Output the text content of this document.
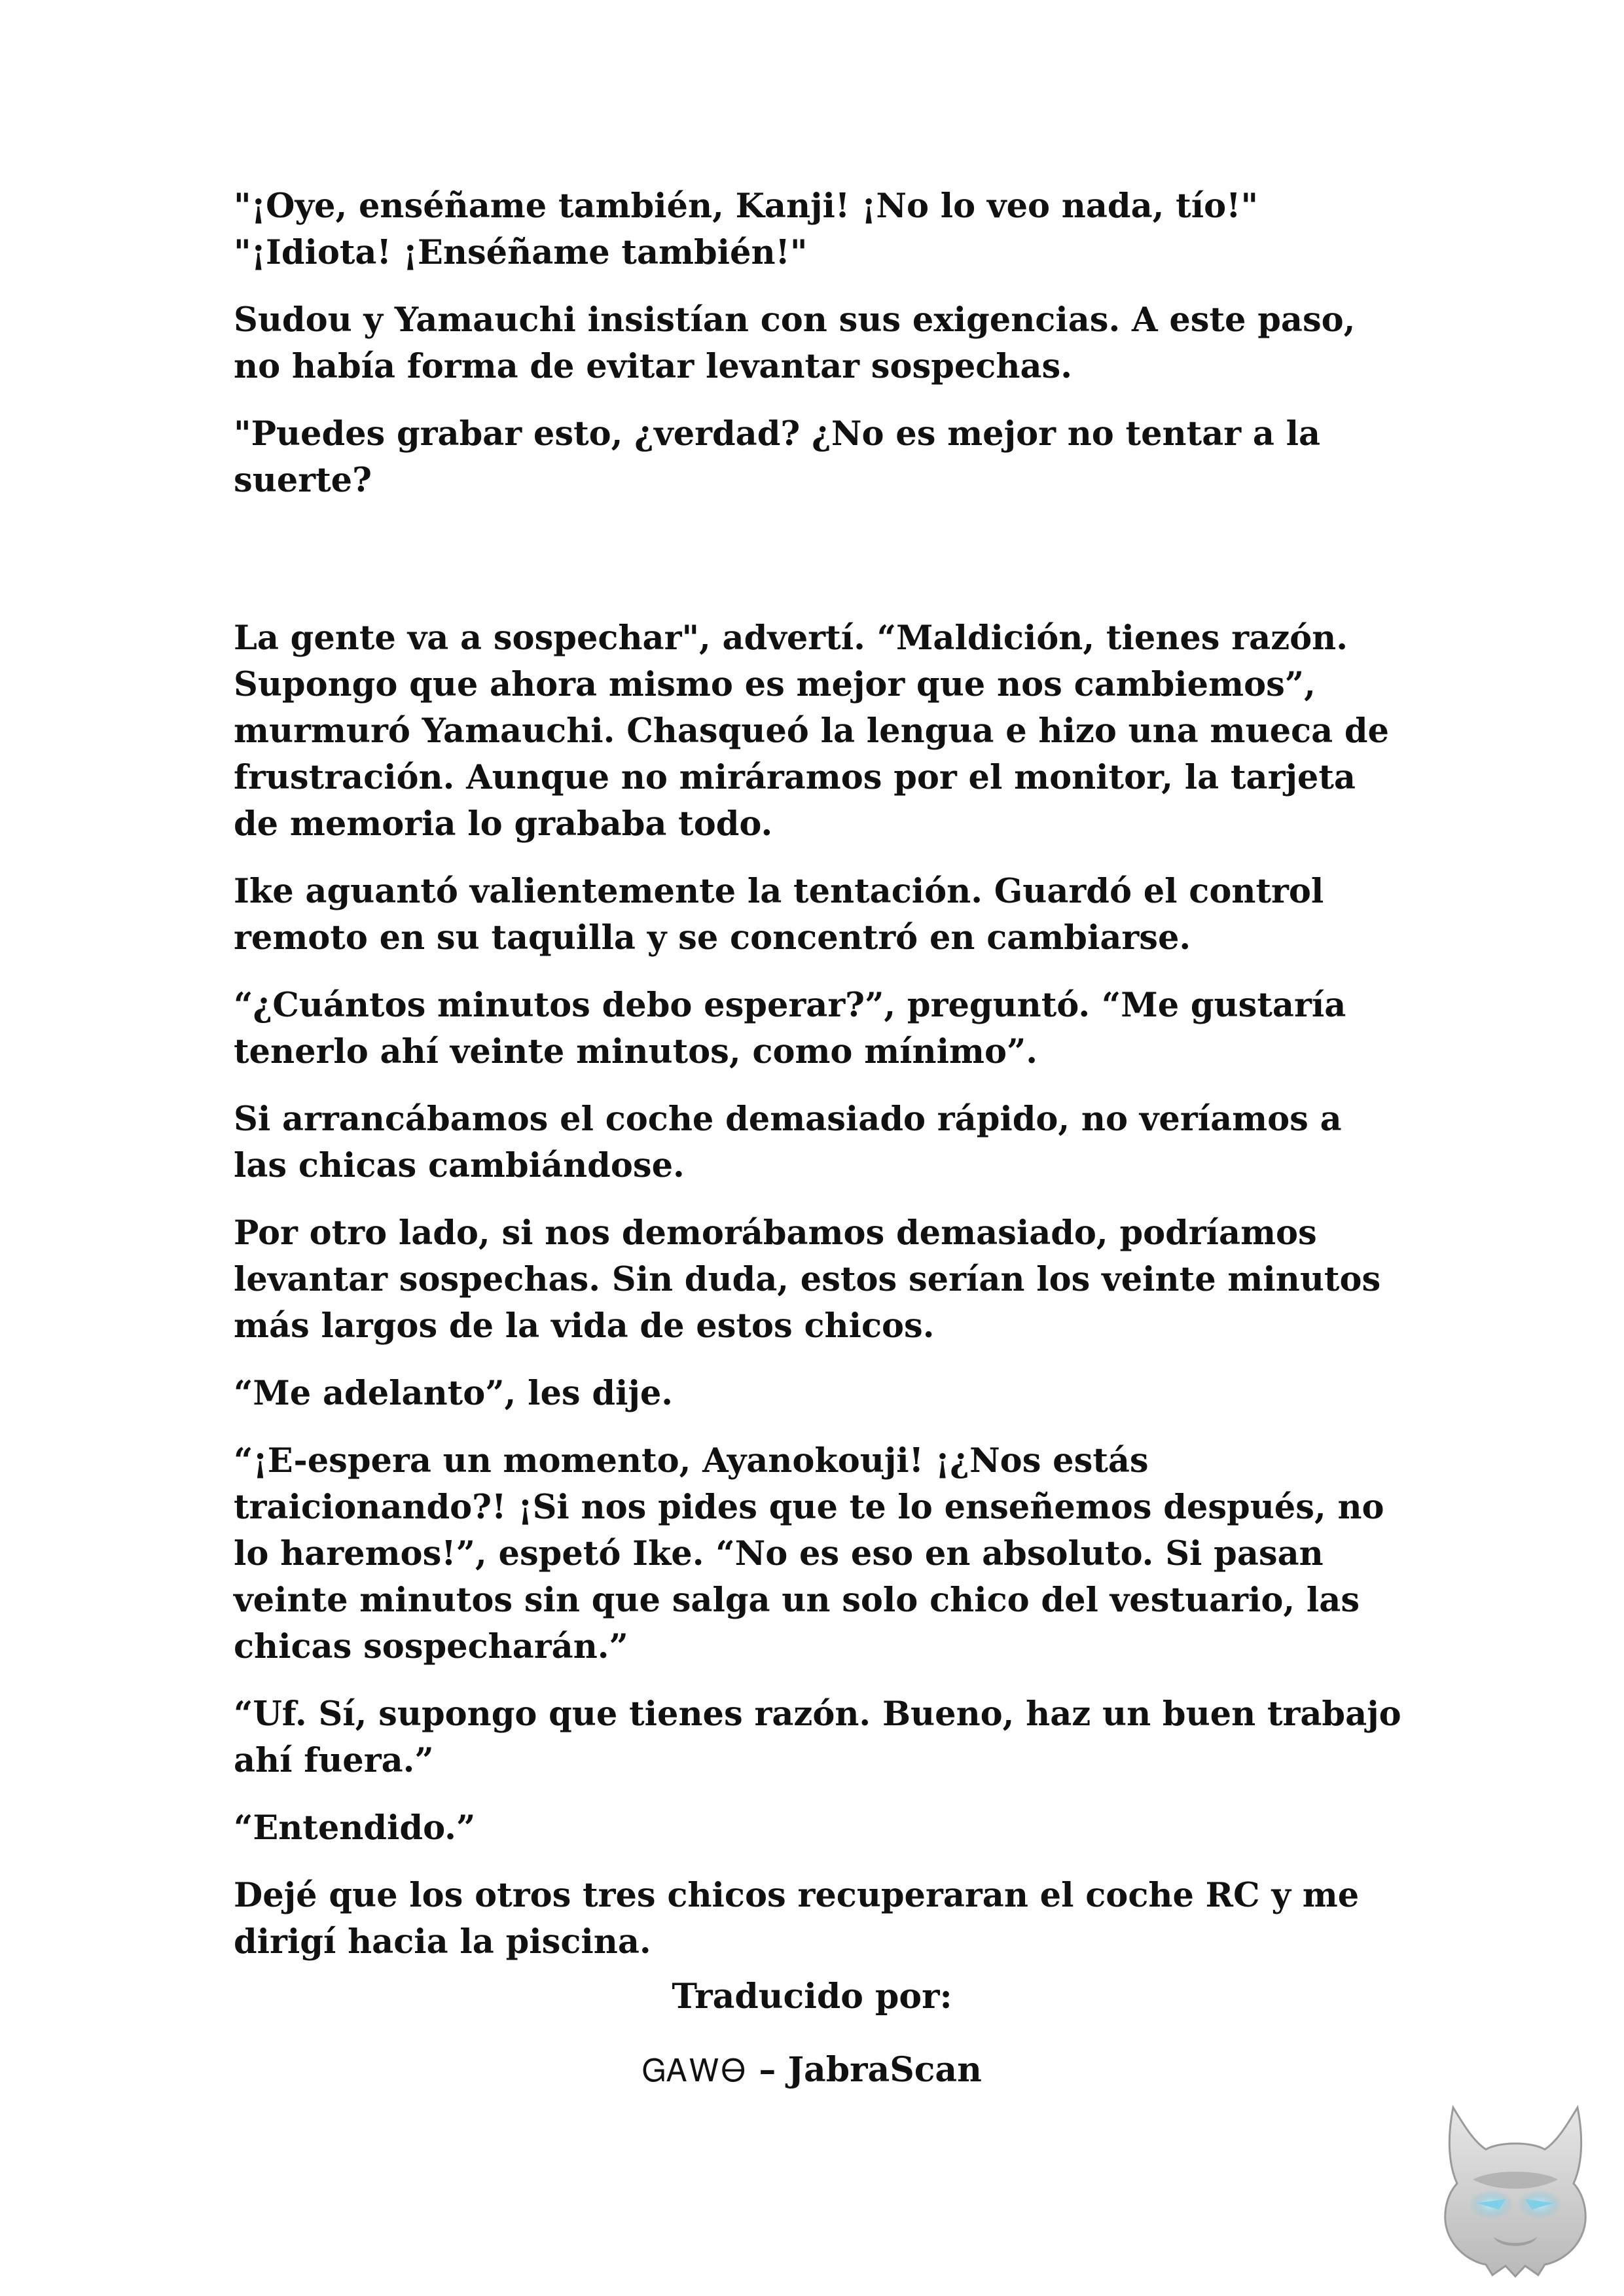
"¡Oye, enséñame también, Kanji! ¡No lo veo nada, tío!"

"¡Idiota! ¡Enséñame también!"

Sudou y Yamauchi insistían con sus exigencias. A este paso, no había forma de evitar levantar sospechas.

"Puedes grabar esto, ¿verdad? ¿No es mejor no tentar a la suerte?

La gente va a sospechar", advertí. “Maldición, tienes razón. Supongo que ahora mismo es mejor que nos cambiemos”, murmuró Yamauchi. Chasqueó la lengua e hizo una mueca de frustración. Aunque no miráramos por el monitor, la tarjeta de memoria lo grababa todo.

Ike aguantó valientemente la tentación. Guardó el control remoto en su taquilla y se concentró en cambiarse.

“¿Cuántos minutos debo esperar?”, preguntó. “Me gustaría tenerlo ahí veinte minutos, como mínimo”.

Si arrancábamos el coche demasiado rápido, no veríamos a las chicas cambiándose.

Por otro lado, si nos demorábamos demasiado, podríamos levantar sospechas. Sin duda, estos serían los veinte minutos más largos de la vida de estos chicos.

“Me adelanto”, les dije.

“¡E-espera un momento, Ayanokouji! ¡¿Nos estás traicionando?! ¡Si nos pides que te lo enseñemos después, no lo haremos!”, espetó Ike. “No es eso en absoluto. Si pasan veinte minutos sin que salga un solo chico del vestuario, las chicas sospecharán.”

“Uf. Sí, supongo que tienes razón. Bueno, haz un buen trabajo ahí fuera.”

“Entendido.”

Dejé que los otros tres chicos recuperaran el coche RC y me dirigí hacia la piscina.

Traducido por:
ᏀᎪᎳᎾ – JabraScan
